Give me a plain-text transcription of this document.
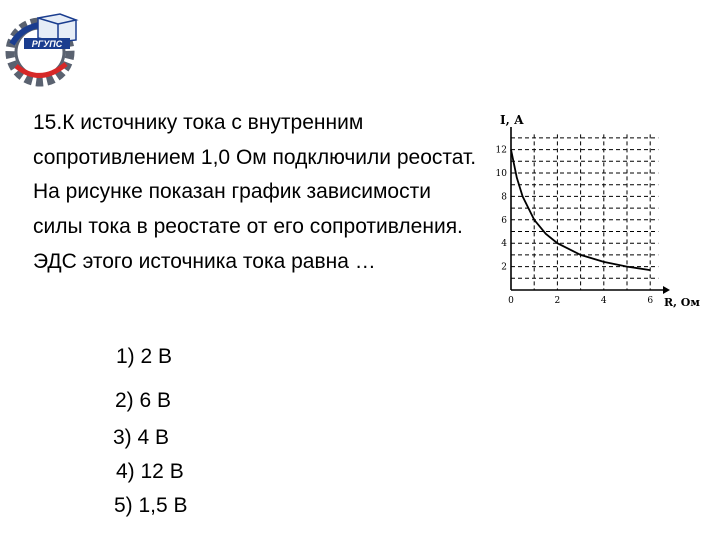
РГУПС
15.К источнику тока с внутренним сопротивлением 1,0 Ом подключили реостат. На рисунке показан график зависимости силы тока в реостате от его сопротивления.
ЭДС этого источника тока равна …
1) 2 В
2) 6 В
3) 4 В
4) 12 В
5) 1,5 В
I, А
R, Ом
0	2	4	6
2
4
6
8
10
12
